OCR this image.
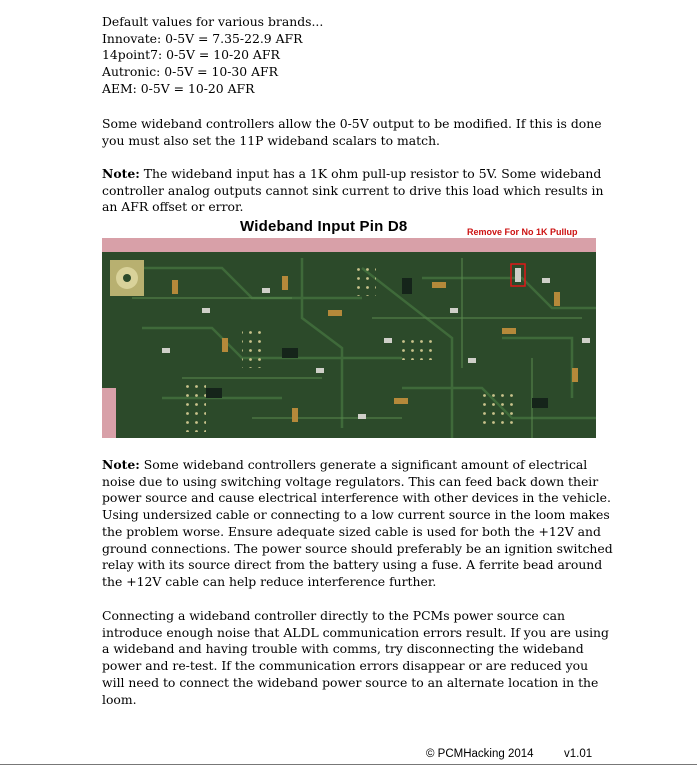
Default values for various brands...
Innovate: 0-5V = 7.35-22.9 AFR
14point7: 0-5V = 10-20 AFR
Autronic: 0-5V = 10-30 AFR
AEM: 0-5V = 10-20 AFR
Some wideband controllers allow the 0-5V output to be modified. If this is done
you must also set the 11P wideband scalars to match.
Note: The wideband input has a 1K ohm pull-up resistor to 5V. Some wideband
controller analog outputs cannot sink current to drive this load which results in
an AFR offset or error.
Wideband Input Pin D8	Remove For No 1K Pullup
Note: Some wideband controllers generate a significant amount of electrical
noise due to using switching voltage regulators. This can feed back down their
power source and cause electrical interference with other devices in the vehicle.
Using undersized cable or connecting to a low current source in the loom makes
the problem worse. Ensure adequate sized cable is used for both the +12V and
ground connections. The power source should preferably be an ignition switched
relay with its source direct from the battery using a fuse. A ferrite bead around
the +12V cable can help reduce interference further.
Connecting a wideband controller directly to the PCMs power source can
introduce enough noise that ALDL communication errors result. If you are using
a wideband and having trouble with comms, try disconnecting the wideband
power and re-test. If the communication errors disappear or are reduced you
will need to connect the wideband power source to an alternate location in the
loom.
© PCMHacking 2014	v1.01
